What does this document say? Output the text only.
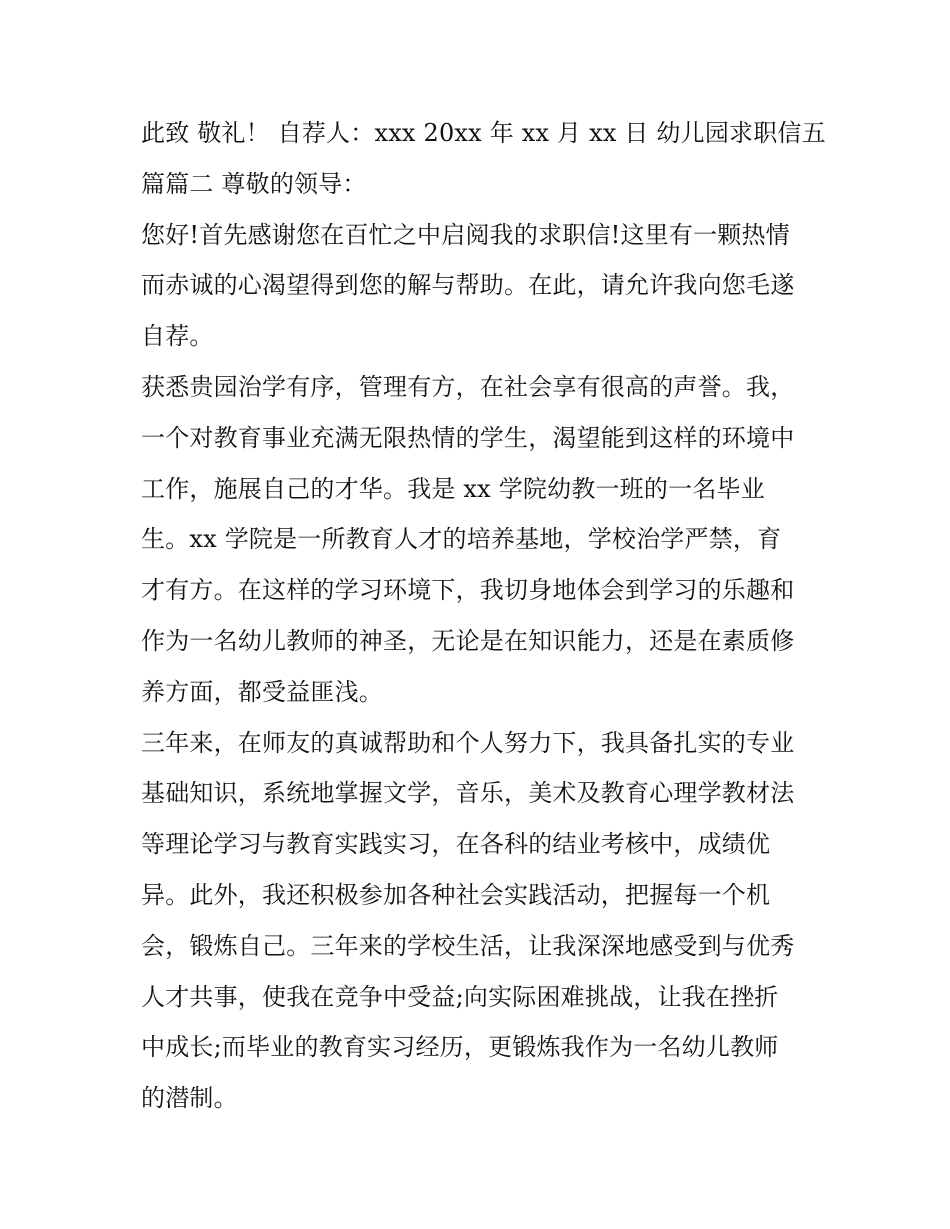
此致 敬礼！ 自荐人：xxx 20xx 年 xx 月 xx 日 幼儿园求职信五
篇篇二 尊敬的领导：
您好!首先感谢您在百忙之中启阅我的求职信!这里有一颗热情
而赤诚的心渴望得到您的解与帮助。在此，请允许我向您毛遂
自荐。
获悉贵园治学有序，管理有方，在社会享有很高的声誉。我，
一个对教育事业充满无限热情的学生，渴望能到这样的环境中
工作，施展自己的才华。我是 xx 学院幼教一班的一名毕业
生。xx 学院是一所教育人才的培养基地，学校治学严禁，育
才有方。在这样的学习环境下，我切身地体会到学习的乐趣和
作为一名幼儿教师的神圣，无论是在知识能力，还是在素质修
养方面，都受益匪浅。
三年来，在师友的真诚帮助和个人努力下，我具备扎实的专业
基础知识，系统地掌握文学，音乐，美术及教育心理学教材法
等理论学习与教育实践实习，在各科的结业考核中，成绩优
异。此外，我还积极参加各种社会实践活动，把握每一个机
会，锻炼自己。三年来的学校生活，让我深深地感受到与优秀
人才共事，使我在竞争中受益;向实际困难挑战，让我在挫折
中成长;而毕业的教育实习经历，更锻炼我作为一名幼儿教师
的潜制。
